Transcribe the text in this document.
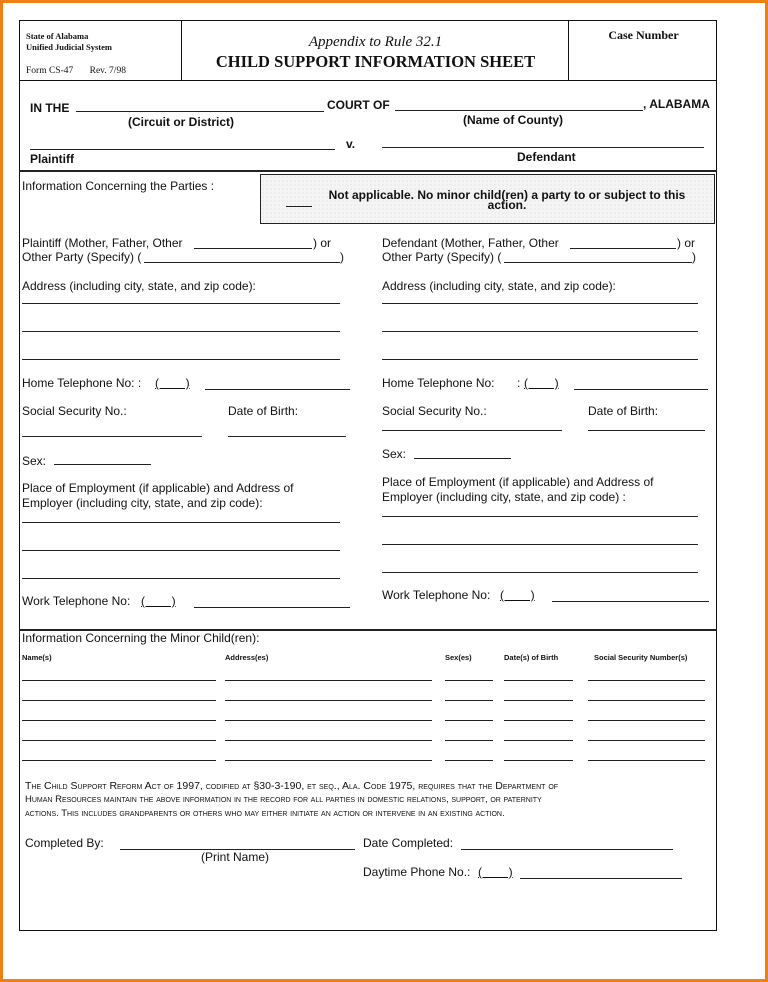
State of Alabama
Unified Judicial System
Form CS-47 Rev. 7/98
Appendix to Rule 32.1
CHILD SUPPORT INFORMATION SHEET
Case Number
IN THE	COURT OF	, ALABAMA
(Circuit or District)	(Name of County)
v.
Plaintiff	Defendant
Information Concerning the Parties :
Not applicable. No minor child(ren) a party to or subject to this action.
Plaintiff (Mother, Father, Other	) or
Other Party (Specify) (	)
Address (including city, state, and zip code):
Home Telephone No: : (        )
Social Security No.:	Date of Birth:
Sex:
Place of Employment (if applicable) and Address of
Employer (including city, state, and zip code):
Work Telephone No: (        )
Defendant (Mother, Father, Other	) or
Other Party (Specify) (	)
Address (including city, state, and zip code):
Home Telephone No: : (        )
Social Security No.:	Date of Birth:
Sex:
Place of Employment (if applicable) and Address of
Employer (including city, state, and zip code) :
Work Telephone No: (        )
Information Concerning the Minor Child(ren):
Name(s)	Address(es)	Sex(es)	Date(s) of Birth	Social Security Number(s)
The Child Support Reform Act of 1997, codified at §30-3-190, et seq., Ala. Code 1975, requires that the Department of
Human Resources maintain the above information in the record for all parties in domestic relations, support, or paternity
actions. This includes grandparents or others who may either initiate an action or intervene in an existing action.
Completed By:
(Print Name)
Date Completed:
Daytime Phone No.: (        )
